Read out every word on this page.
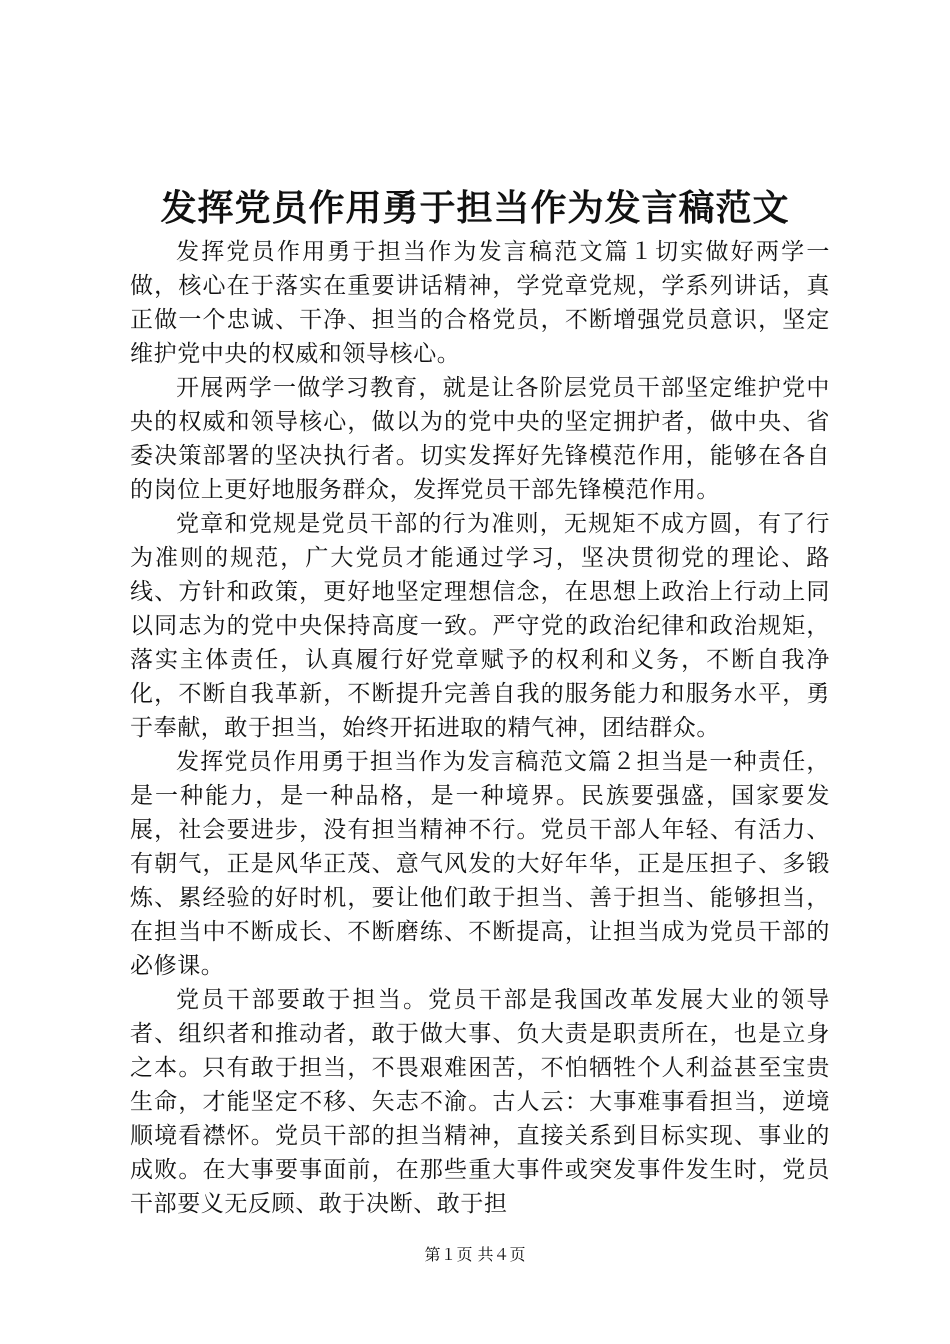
发挥党员作用勇于担当作为发言稿范文

发挥党员作用勇于担当作为发言稿范文篇１切实做好两学一做，核心在于落实在重要讲话精神，学党章党规，学系列讲话，真正做一个忠诚、干净、担当的合格党员，不断增强党员意识，坚定维护党中央的权威和领导核心。

开展两学一做学习教育，就是让各阶层党员干部坚定维护党中央的权威和领导核心，做以为的党中央的坚定拥护者，做中央、省委决策部署的坚决执行者。切实发挥好先锋模范作用，能够在各自的岗位上更好地服务群众，发挥党员干部先锋模范作用。

党章和党规是党员干部的行为准则，无规矩不成方圆，有了行为准则的规范，广大党员才能通过学习，坚决贯彻党的理论、路线、方针和政策，更好地坚定理想信念，在思想上政治上行动上同以同志为的党中央保持高度一致。严守党的政治纪律和政治规矩，落实主体责任，认真履行好党章赋予的权利和义务，不断自我净化，不断自我革新，不断提升完善自我的服务能力和服务水平，勇于奉献，敢于担当，始终开拓进取的精气神，团结群众。

发挥党员作用勇于担当作为发言稿范文篇２担当是一种责任，是一种能力，是一种品格，是一种境界。民族要强盛，国家要发展，社会要进步，没有担当精神不行。党员干部人年轻、有活力、有朝气，正是风华正茂、意气风发的大好年华，正是压担子、多锻炼、累经验的好时机，要让他们敢于担当、善于担当、能够担当，在担当中不断成长、不断磨练、不断提高，让担当成为党员干部的必修课。

党员干部要敢于担当。党员干部是我国改革发展大业的领导者、组织者和推动者，敢于做大事、负大责是职责所在，也是立身之本。只有敢于担当，不畏艰难困苦，不怕牺牲个人利益甚至宝贵生命，才能坚定不移、矢志不渝。古人云：大事难事看担当，逆境顺境看襟怀。党员干部的担当精神，直接关系到目标实现、事业的成败。在大事要事面前，在那些重大事件或突发事件发生时，党员干部要义无反顾、敢于决断、敢于担

第１页 共４页
